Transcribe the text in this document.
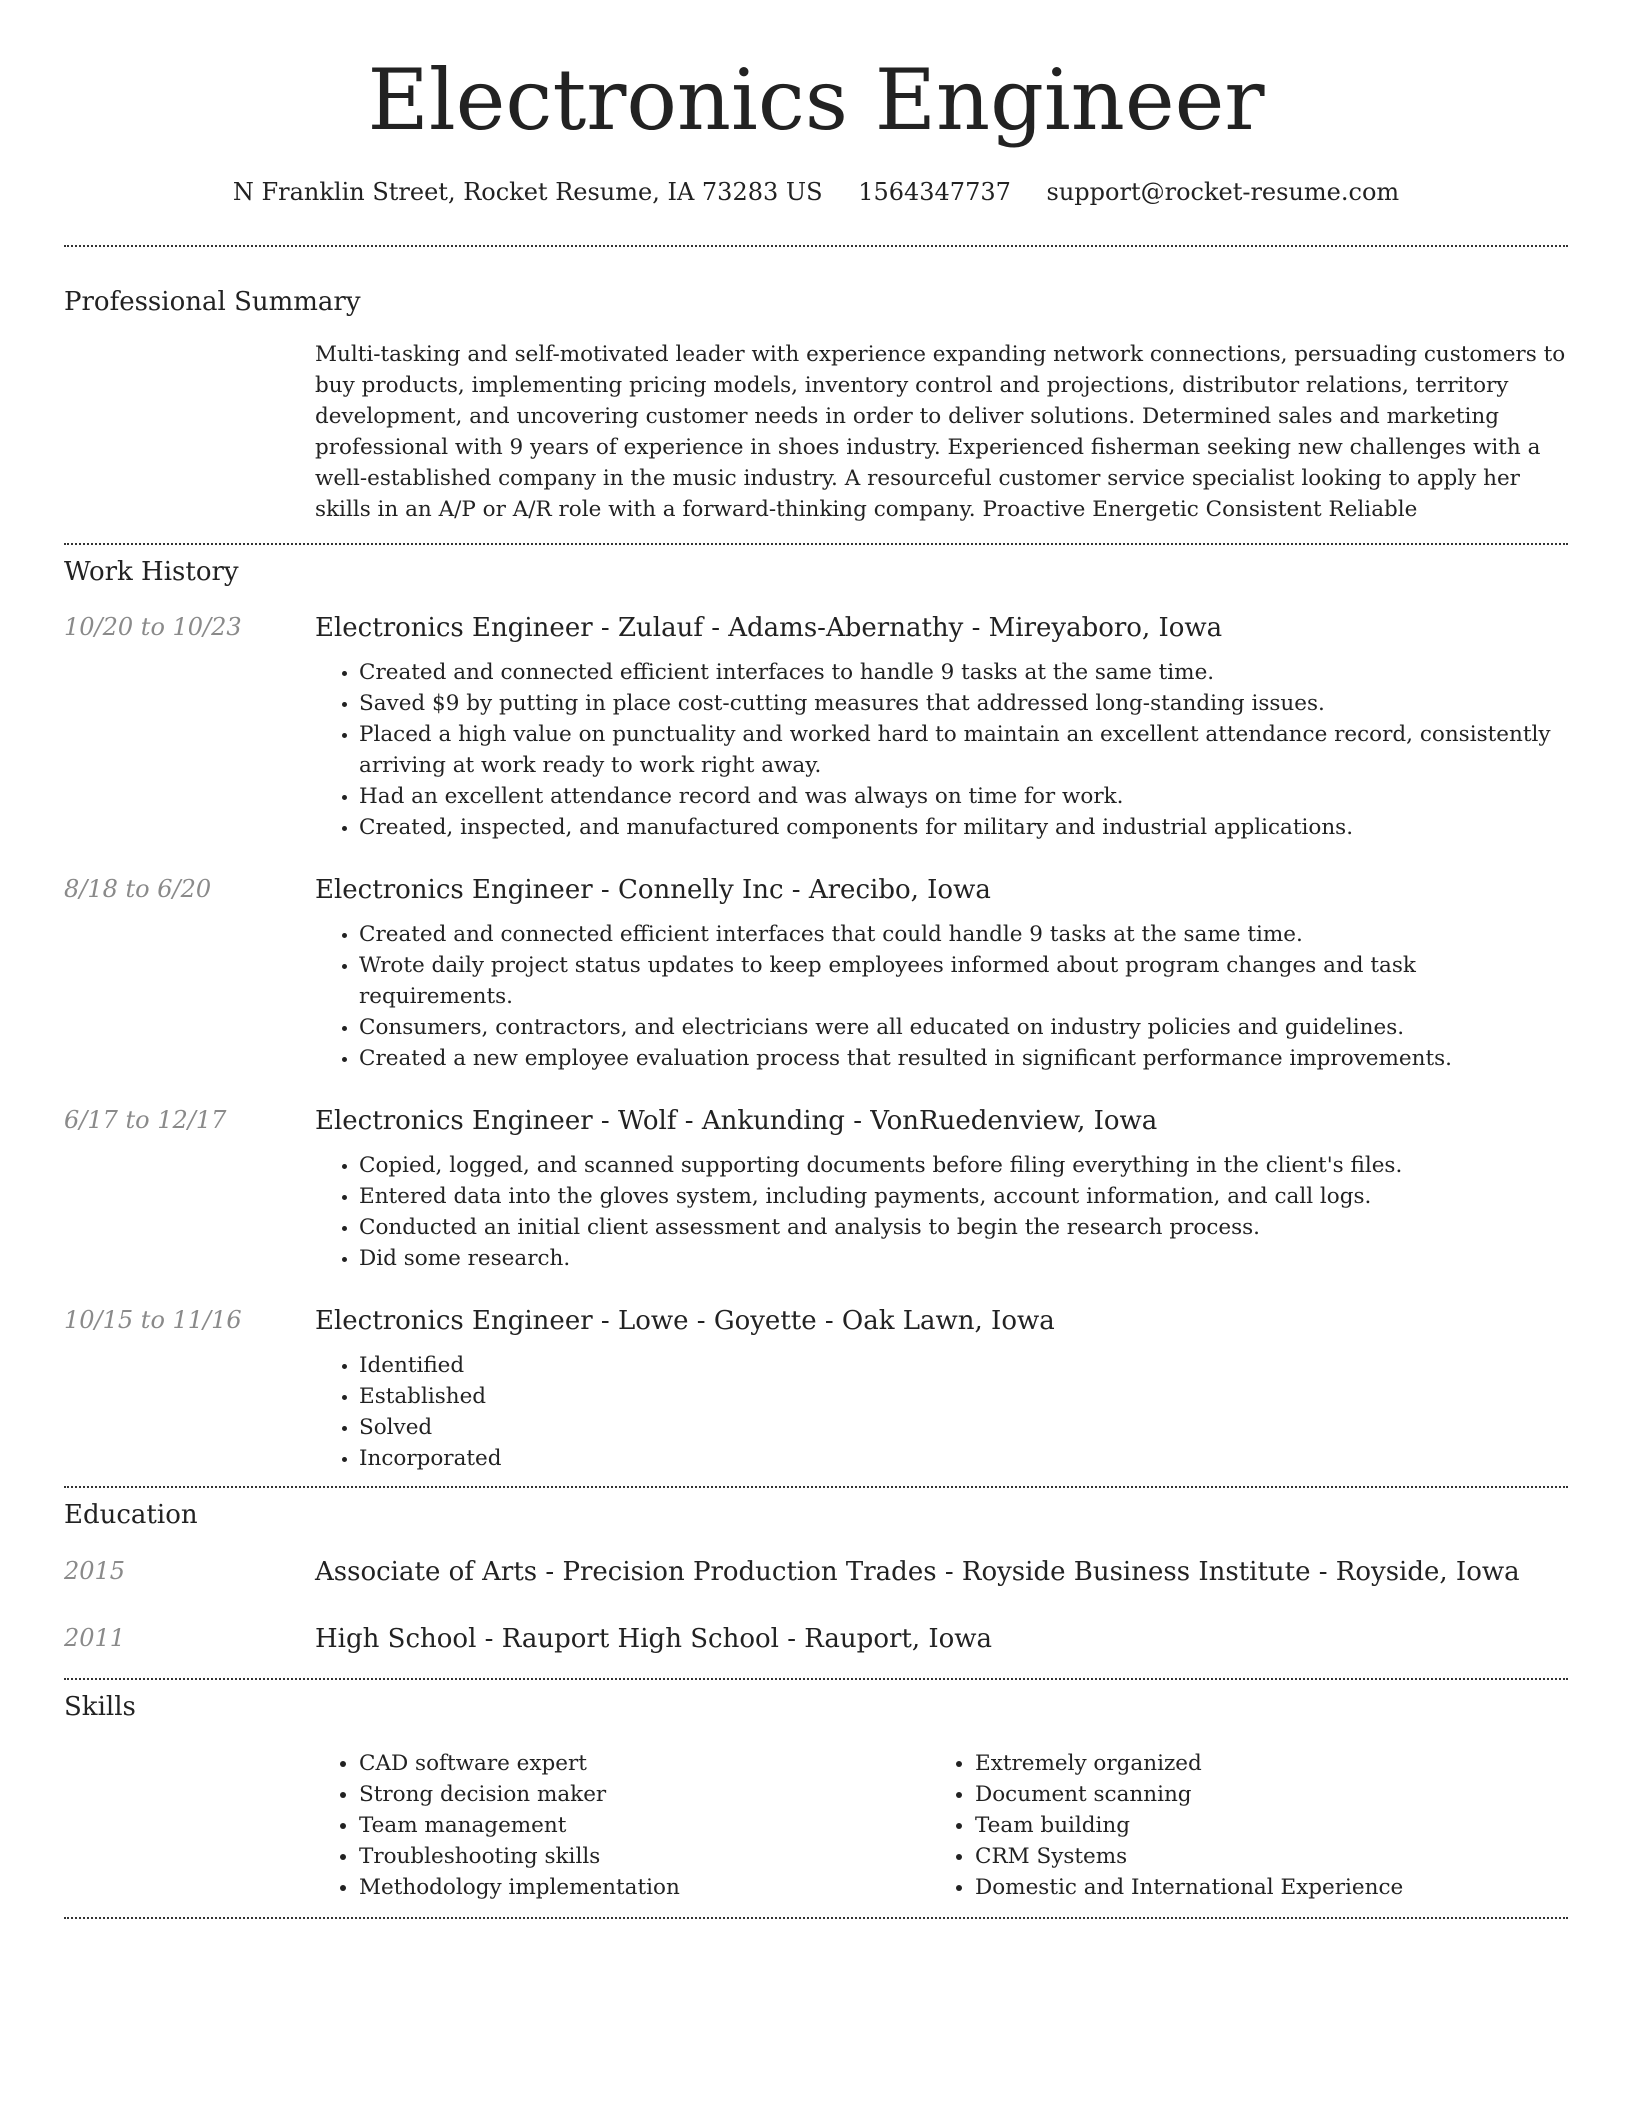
Electronics Engineer
N Franklin Street, Rocket Resume, IA 73283 US 1564347737 support@rocket-resume.com
Professional Summary

Multi-tasking and self-motivated leader with experience expanding network connections, persuading customers to buy products, implementing pricing models, inventory control and projections, distributor relations, territory development, and uncovering customer needs in order to deliver solutions. Determined sales and marketing professional with 9 years of experience in shoes industry. Experienced fisherman seeking new challenges with a well-established company in the music industry. A resourceful customer service specialist looking to apply her skills in an A/P or A/R role with a forward-thinking company. Proactive Energetic Consistent Reliable

Work History
10/20 to 10/23	Electronics Engineer - Zulauf - Adams-Abernathy - Mireyaboro, Iowa
• Created and connected efficient interfaces to handle 9 tasks at the same time.
• Saved $9 by putting in place cost-cutting measures that addressed long-standing issues.
• Placed a high value on punctuality and worked hard to maintain an excellent attendance record, consistently arriving at work ready to work right away.
• Had an excellent attendance record and was always on time for work.
• Created, inspected, and manufactured components for military and industrial applications.
8/18 to 6/20	Electronics Engineer - Connelly Inc - Arecibo, Iowa
• Created and connected efficient interfaces that could handle 9 tasks at the same time.
• Wrote daily project status updates to keep employees informed about program changes and task requirements.
• Consumers, contractors, and electricians were all educated on industry policies and guidelines.
• Created a new employee evaluation process that resulted in significant performance improvements.
6/17 to 12/17	Electronics Engineer - Wolf - Ankunding - VonRuedenview, Iowa
• Copied, logged, and scanned supporting documents before filing everything in the client's files.
• Entered data into the gloves system, including payments, account information, and call logs.
• Conducted an initial client assessment and analysis to begin the research process.
• Did some research.
10/15 to 11/16	Electronics Engineer - Lowe - Goyette - Oak Lawn, Iowa
• Identified
• Established
• Solved
• Incorporated
Education
2015	Associate of Arts - Precision Production Trades - Royside Business Institute - Royside, Iowa
2011	High School - Rauport High School - Rauport, Iowa
Skills
• CAD software expert
• Strong decision maker
• Team management
• Troubleshooting skills
• Methodology implementation
• Extremely organized
• Document scanning
• Team building
• CRM Systems
• Domestic and International Experience
